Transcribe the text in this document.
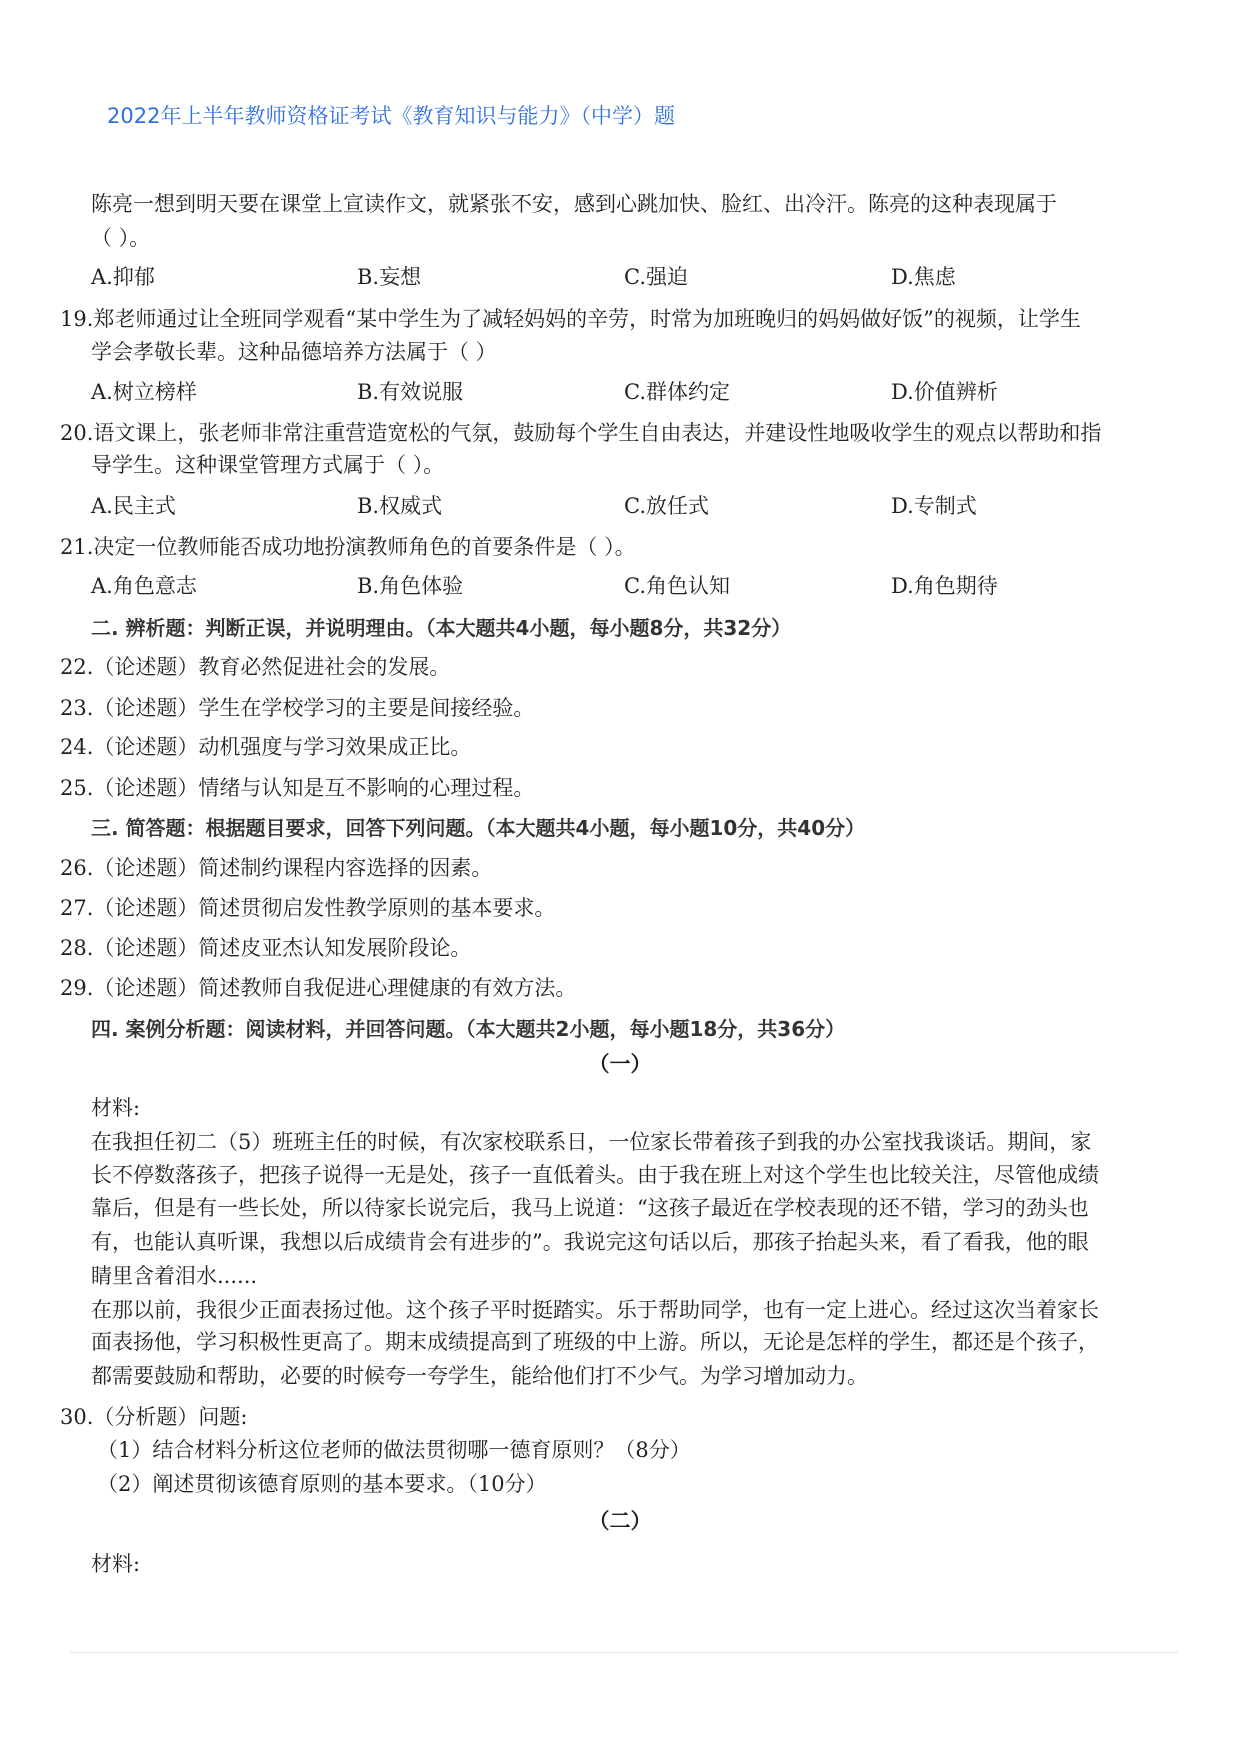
2022年上半年教师资格证考试《教育知识与能力》（中学）题
陈亮一想到明天要在课堂上宣读作文，就紧张不安，感到心跳加快、脸红、出冷汗。陈亮的这种表现属于
（ ）。
A.抑郁	B.妄想	C.强迫	D.焦虑
19.郑老师通过让全班同学观看“某中学生为了减轻妈妈的辛劳，时常为加班晚归的妈妈做好饭”的视频，让学生
学会孝敬长辈。这种品德培养方法属于（ ）
A.树立榜样	B.有效说服	C.群体约定	D.价值辨析
20.语文课上，张老师非常注重营造宽松的气氛，鼓励每个学生自由表达，并建设性地吸收学生的观点以帮助和指
导学生。这种课堂管理方式属于（ ）。
A.民主式	B.权威式	C.放任式	D.专制式
21.决定一位教师能否成功地扮演教师角色的首要条件是（ ）。
A.角色意志	B.角色体验	C.角色认知	D.角色期待
二. 辨析题：判断正误，并说明理由。（本大题共4小题，每小题8分，共32分）
22.（论述题）教育必然促进社会的发展。
23.（论述题）学生在学校学习的主要是间接经验。
24.（论述题）动机强度与学习效果成正比。
25.（论述题）情绪与认知是互不影响的心理过程。
三. 简答题：根据题目要求，回答下列问题。（本大题共4小题，每小题10分，共40分）
26.（论述题）简述制约课程内容选择的因素。
27.（论述题）简述贯彻启发性教学原则的基本要求。
28.（论述题）简述皮亚杰认知发展阶段论。
29.（论述题）简述教师自我促进心理健康的有效方法。
四. 案例分析题：阅读材料，并回答问题。（本大题共2小题，每小题18分，共36分）
（一）
材料:
在我担任初二（5）班班主任的时候，有次家校联系日，一位家长带着孩子到我的办公室找我谈话。期间，家
长不停数落孩子，把孩子说得一无是处，孩子一直低着头。由于我在班上对这个学生也比较关注，尽管他成绩
靠后，但是有一些长处，所以待家长说完后，我马上说道：“这孩子最近在学校表现的还不错，学习的劲头也
有，也能认真听课，我想以后成绩肯会有进步的”。我说完这句话以后，那孩子抬起头来，看了看我，他的眼
睛里含着泪水......
在那以前，我很少正面表扬过他。这个孩子平时挺踏实。乐于帮助同学，也有一定上进心。经过这次当着家长
面表扬他，学习积极性更高了。期末成绩提高到了班级的中上游。所以，无论是怎样的学生，都还是个孩子，
都需要鼓励和帮助，必要的时候夸一夸学生，能给他们打不少气。为学习增加动力。
30.（分析题）问题:
（1）结合材料分析这位老师的做法贯彻哪一德育原则？（8分）
（2）阐述贯彻该德育原则的基本要求。（10分）
（二）
材料:
